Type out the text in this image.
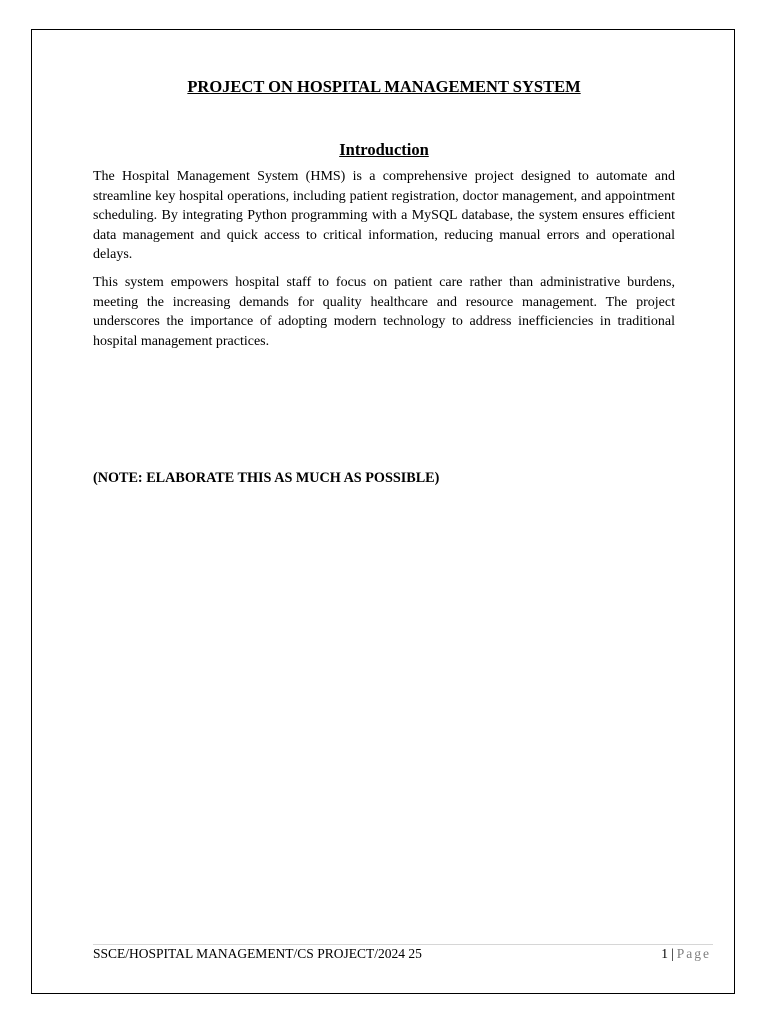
PROJECT ON HOSPITAL MANAGEMENT SYSTEM
Introduction

The Hospital Management System (HMS) is a comprehensive project designed to automate and streamline key hospital operations, including patient registration, doctor management, and appointment scheduling. By integrating Python programming with a MySQL database, the system ensures efficient data management and quick access to critical information, reducing manual errors and operational delays.

This system empowers hospital staff to focus on patient care rather than administrative burdens, meeting the increasing demands for quality healthcare and resource management. The project underscores the importance of adopting modern technology to address inefficiencies in traditional hospital management practices.

(NOTE: ELABORATE THIS AS MUCH AS POSSIBLE)

SSCE/HOSPITAL MANAGEMENT/CS PROJECT/2024 25	1 | Page
